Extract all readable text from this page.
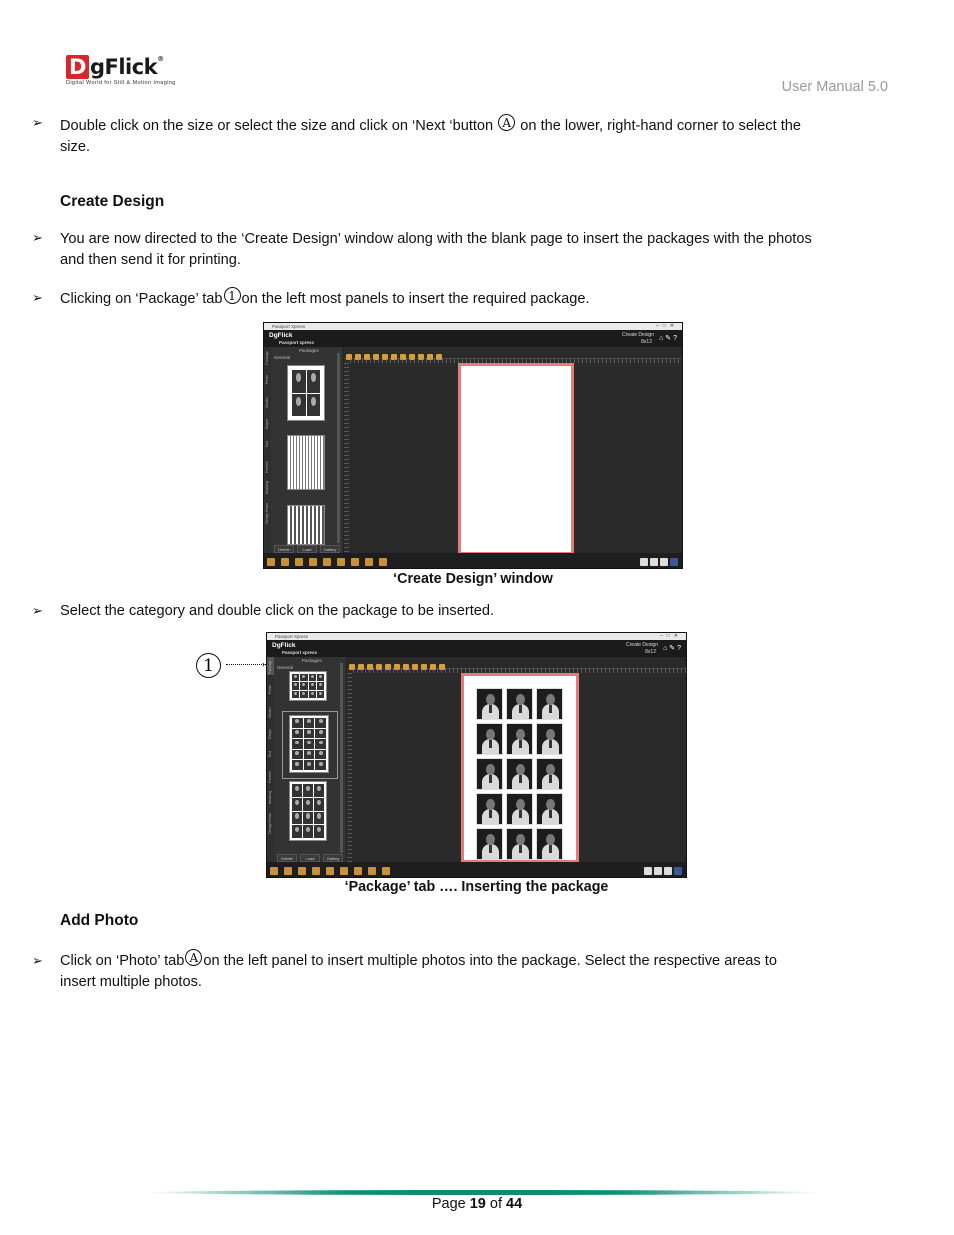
D gFlick®
Digital World for Still & Motion Imaging	User Manual 5.0
➢ Double click on the size or select the size and click on ‘Next ‘button A on the lower, right-hand corner to select the
size.
Create Design
➢ You are now directed to the ‘Create Design’ window along with the blank page to insert the packages with the photos
and then send it for printing.
➢ Clicking on ‘Package’ tab 1 on the left most panels to insert the required package.
Passport Xpress	–□✕
DgFlick
Passport xpress
Create Design
8x12 ⌂ ✎ ?
Package
Photo
Border
Shape
Text
Freebie
Masking
Design Rows
Packages
General
Delete	Load	Gallery
‘Create Design’ window
➢ Select the category and double click on the package to be inserted.
1	›
Passport Xpress	–□✕
DgFlick
Passport xpress
Create Design
8x12 ⌂ ✎ ?
Package
Photo
Border
Shape
Text
Freebie
Masking
Design Rows
Packages
General
Delete	Load	Gallery
‘Package’ tab …. Inserting the package
Add Photo
➢ Click on ‘Photo’ tab A on the left panel to insert multiple photos into the package. Select the respective areas to
insert multiple photos.
Page 19 of 44
